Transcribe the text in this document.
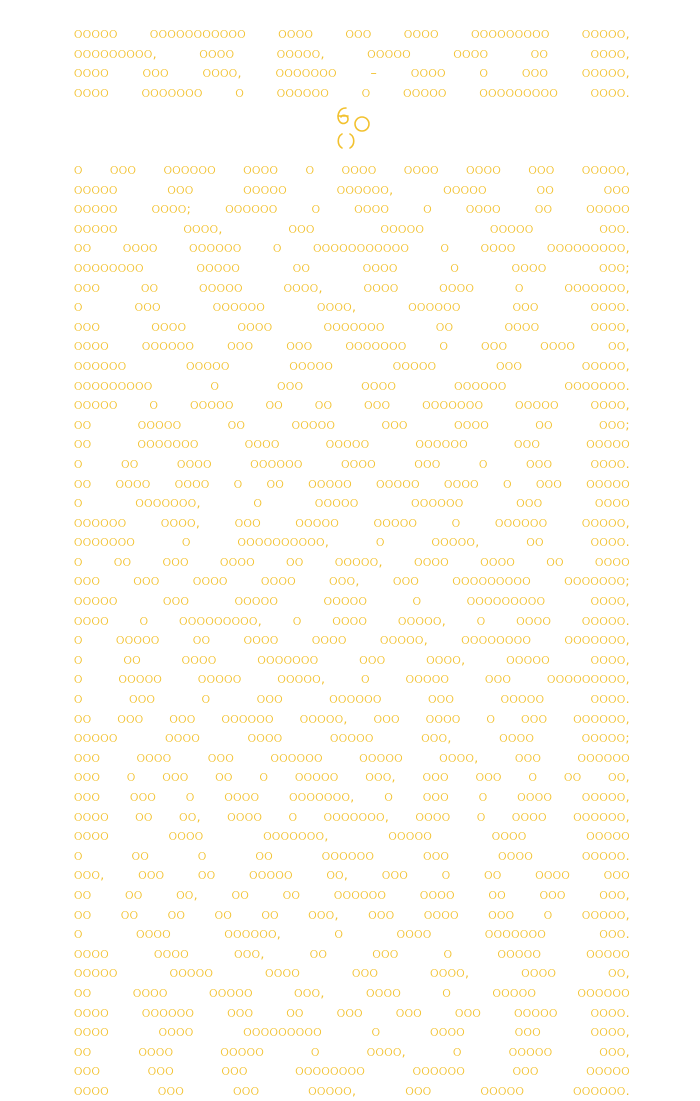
ଠଠଠଠଠ ଠଠଠଠଠଠଠଠଠଠଠ ଠଠଠଠ ଠଠଠ ଠଠଠଠ ଠଠଠଠଠଠଠଠଠ ଠଠଠଠଠ,
ଠଠଠଠଠଠଠଠଠ, ଠଠଠଠ ଠଠଠଠଠ, ଠଠଠଠଠ ଠଠଠଠ ଠଠ ଠଠଠଠ,
ଠଠଠଠ ଠଠଠ ଠଠଠଠ, ଠଠଠଠଠଠଠ – ଠଠଠଠ ଠ ଠଠଠ ଠଠଠଠଠ,
ଠଠଠଠ ଠଠଠଠଠଠଠ ଠ ଠଠଠଠଠଠ ଠ ଠଠଠଠଠ ଠଠଠଠଠଠଠଠଠ ଠଠଠଠ.
ଠ ଠଠଠ ଠଠଠଠଠଠ ଠଠଠଠ ଠ ଠଠଠଠ ଠଠଠଠ ଠଠଠଠ ଠଠଠ ଠଠଠଠଠ,
ଠଠଠଠଠ ଠଠଠ ଠଠଠଠଠ ଠଠଠଠଠଠ, ଠଠଠଠଠ ଠଠ ଠଠଠ
ଠଠଠଠଠ ଠଠଠଠ; ଠଠଠଠଠଠ ଠ ଠଠଠଠ ଠ ଠଠଠଠ ଠଠ ଠଠଠଠଠ
ଠଠଠଠଠ ଠଠଠଠ, ଠଠଠ ଠଠଠଠଠ ଠଠଠଠଠ ଠଠଠ.
ଠଠ ଠଠଠଠ ଠଠଠଠଠଠ ଠ ଠଠଠଠଠଠଠଠଠଠଠ ଠ ଠଠଠଠ ଠଠଠଠଠଠଠଠଠ,
ଠଠଠଠଠଠଠଠ ଠଠଠଠଠ ଠଠ ଠଠଠଠ ଠ ଠଠଠଠ ଠଠଠ;
ଠଠଠ ଠଠ ଠଠଠଠଠ ଠଠଠଠ, ଠଠଠଠ ଠଠଠଠ ଠ ଠଠଠଠଠଠଠ,
ଠ ଠଠଠ ଠଠଠଠଠଠ ଠଠଠଠ, ଠଠଠଠଠଠ ଠଠଠ ଠଠଠଠ.
ଠଠଠ ଠଠଠଠ ଠଠଠଠ ଠଠଠଠଠଠଠ ଠଠ ଠଠଠଠ ଠଠଠଠ,
ଠଠଠଠ ଠଠଠଠଠଠ ଠଠଠ ଠଠଠ ଠଠଠଠଠଠଠ ଠ ଠଠଠ ଠଠଠଠ ଠଠ,
ଠଠଠଠଠଠ ଠଠଠଠଠ ଠଠଠଠଠ ଠଠଠଠଠ ଠଠଠ ଠଠଠଠଠ,
ଠଠଠଠଠଠଠଠଠ ଠ ଠଠଠ ଠଠଠଠ ଠଠଠଠଠଠ ଠଠଠଠଠଠଠ.
ଠଠଠଠଠ ଠ ଠଠଠଠଠ ଠଠ ଠଠ ଠଠଠ ଠଠଠଠଠଠଠ ଠଠଠଠଠ ଠଠଠଠ,
ଠଠ ଠଠଠଠଠ ଠଠ ଠଠଠଠଠ ଠଠଠ ଠଠଠଠ ଠଠ ଠଠଠ;
ଠଠ ଠଠଠଠଠଠଠ ଠଠଠଠ ଠଠଠଠଠ ଠଠଠଠଠଠ ଠଠଠ ଠଠଠଠଠ
ଠ ଠଠ ଠଠଠଠ ଠଠଠଠଠଠ ଠଠଠଠ ଠଠଠ ଠ ଠଠଠ ଠଠଠଠ.
ଠଠ ଠଠଠଠ ଠଠଠଠ ଠ ଠଠ ଠଠଠଠଠ ଠଠଠଠଠ ଠଠଠଠ ଠ ଠଠଠ ଠଠଠଠଠ
ଠ ଠଠଠଠଠଠଠ, ଠ ଠଠଠଠଠ ଠଠଠଠଠଠ ଠଠଠ ଠଠଠଠ
ଠଠଠଠଠଠ ଠଠଠଠ, ଠଠଠ ଠଠଠଠଠ ଠଠଠଠଠ ଠ ଠଠଠଠଠଠ ଠଠଠଠଠ,
ଠଠଠଠଠଠଠ ଠ ଠଠଠଠଠଠଠଠଠଠ, ଠ ଠଠଠଠଠ, ଠଠ ଠଠଠଠ.
ଠ ଠଠ ଠଠଠ ଠଠଠଠ ଠଠ ଠଠଠଠଠ, ଠଠଠଠ ଠଠଠଠ ଠଠ ଠଠଠଠ
ଠଠଠ ଠଠଠ ଠଠଠଠ ଠଠଠଠ ଠଠଠ, ଠଠଠ ଠଠଠଠଠଠଠଠଠ ଠଠଠଠଠଠଠ;
ଠଠଠଠଠ ଠଠଠ ଠଠଠଠଠ ଠଠଠଠଠ ଠ ଠଠଠଠଠଠଠଠଠ ଠଠଠଠ,
ଠଠଠଠ ଠ ଠଠଠଠଠଠଠଠଠ, ଠ ଠଠଠଠ ଠଠଠଠଠ, ଠ ଠଠଠଠ ଠଠଠଠଠ.
ଠ ଠଠଠଠଠ ଠଠ ଠଠଠଠ ଠଠଠଠ ଠଠଠଠଠ, ଠଠଠଠଠଠଠଠ ଠଠଠଠଠଠଠ,
ଠ ଠଠ ଠଠଠଠ ଠଠଠଠଠଠଠ ଠଠଠ ଠଠଠଠ, ଠଠଠଠଠ ଠଠଠଠ,
ଠ ଠଠଠଠଠ ଠଠଠଠଠ ଠଠଠଠଠ, ଠ ଠଠଠଠଠ ଠଠଠ ଠଠଠଠଠଠଠଠଠ,
ଠ ଠଠଠ ଠ ଠଠଠ ଠଠଠଠଠଠ ଠଠଠ ଠଠଠଠଠ ଠଠଠଠ.
ଠଠ ଠଠଠ ଠଠଠ ଠଠଠଠଠଠ ଠଠଠଠଠ, ଠଠଠ ଠଠଠଠ ଠ ଠଠଠ ଠଠଠଠଠଠ,
ଠଠଠଠଠ ଠଠଠଠ ଠଠଠଠ ଠଠଠଠଠ ଠଠଠ, ଠଠଠଠ ଠଠଠଠଠ;
ଠଠଠ ଠଠଠଠ ଠଠଠ ଠଠଠଠଠଠ ଠଠଠଠଠ ଠଠଠଠ, ଠଠଠ ଠଠଠଠଠଠ
ଠଠଠ ଠ ଠଠଠ ଠଠ ଠ ଠଠଠଠଠ ଠଠଠ, ଠଠଠ ଠଠଠ ଠ ଠଠ ଠଠ,
ଠଠଠ ଠଠଠ ଠ ଠଠଠଠ ଠଠଠଠଠଠଠ, ଠ ଠଠଠ ଠ ଠଠଠଠ ଠଠଠଠଠ,
ଠଠଠଠ ଠଠ ଠଠ, ଠଠଠଠ ଠ ଠଠଠଠଠଠଠ, ଠଠଠଠ ଠ ଠଠଠଠ ଠଠଠଠଠଠ,
ଠଠଠଠ ଠଠଠଠ ଠଠଠଠଠଠଠ, ଠଠଠଠଠ ଠଠଠଠ ଠଠଠଠଠ
ଠ ଠଠ ଠ ଠଠ ଠଠଠଠଠଠ ଠଠଠ ଠଠଠଠ ଠଠଠଠଠ.
ଠଠଠ, ଠଠଠ ଠଠ ଠଠଠଠଠ ଠଠ, ଠଠଠ ଠ ଠଠ ଠଠଠଠ ଠଠଠ
ଠଠ ଠଠ ଠଠ, ଠଠ ଠଠ ଠଠଠଠଠଠ ଠଠଠଠ ଠଠ ଠଠଠ ଠଠଠ,
ଠଠ ଠଠ ଠଠ ଠଠ ଠଠ ଠଠଠ, ଠଠଠ ଠଠଠଠ ଠଠଠ ଠ ଠଠଠଠଠ,
ଠ ଠଠଠଠ ଠଠଠଠଠଠ, ଠ ଠଠଠଠ ଠଠଠଠଠଠଠ ଠଠଠ.
ଠଠଠଠ ଠଠଠଠ ଠଠଠ, ଠଠ ଠଠଠ ଠ ଠଠଠଠଠ ଠଠଠଠଠ
ଠଠଠଠଠ ଠଠଠଠଠ ଠଠଠଠ ଠଠଠ ଠଠଠଠ, ଠଠଠଠ ଠଠ,
ଠଠ ଠଠଠଠ ଠଠଠଠଠ ଠଠଠ, ଠଠଠଠ ଠ ଠଠଠଠଠ ଠଠଠଠଠଠ
ଠଠଠଠ ଠଠଠଠଠଠ ଠଠଠ ଠଠ ଠଠଠ ଠଠଠ ଠଠଠ ଠଠଠଠଠ ଠଠଠଠ.
ଠଠଠଠ ଠଠଠଠ ଠଠଠଠଠଠଠଠଠ ଠ ଠଠଠଠ ଠଠଠ ଠଠଠଠ,
ଠଠ ଠଠଠଠ ଠଠଠଠଠ ଠ ଠଠଠଠ, ଠ ଠଠଠଠଠ ଠଠଠ,
ଠଠଠ ଠଠଠ ଠଠଠ ଠଠଠଠଠଠଠଠ ଠଠଠଠଠଠ ଠଠଠ ଠଠଠଠଠ
ଠଠଠଠ ଠଠଠ ଠଠଠ ଠଠଠଠଠ, ଠଠଠ ଠଠଠଠଠ ଠଠଠଠଠଠ.
